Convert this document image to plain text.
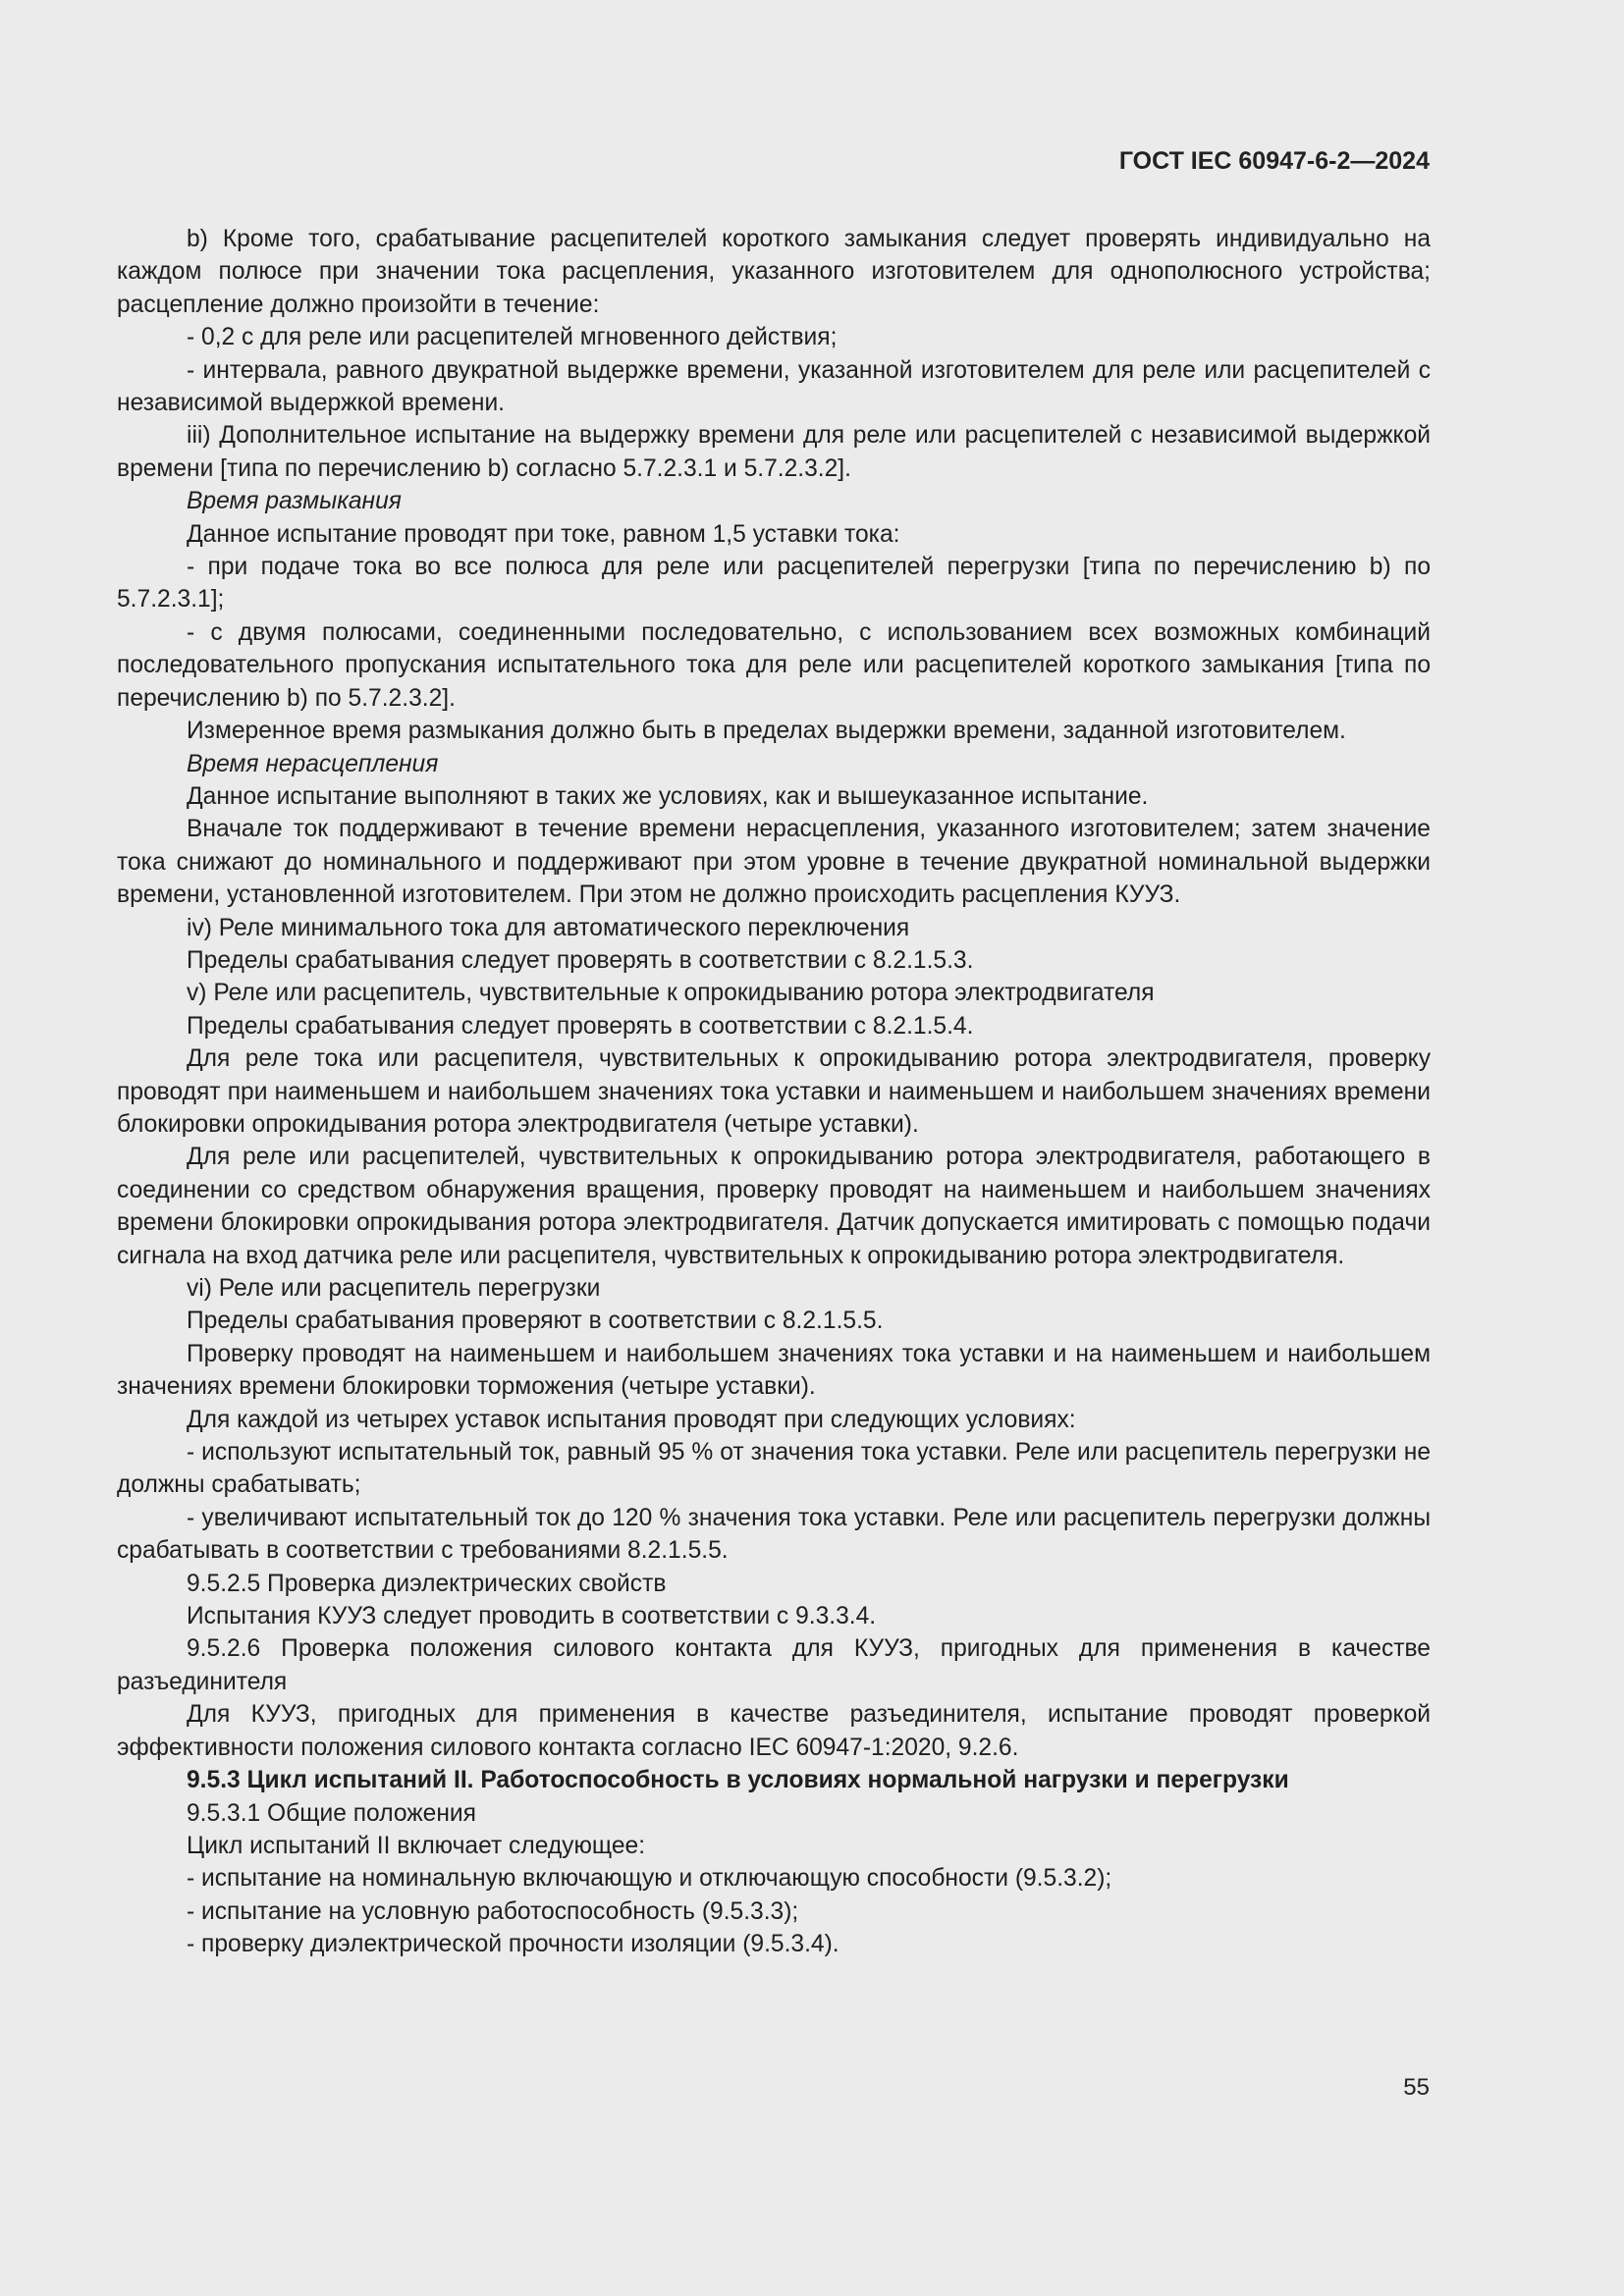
ГОСТ IEC 60947-6-2—2024

b) Кроме того, срабатывание расцепителей короткого замыкания следует проверять индивидуально на каждом полюсе при значении тока расцепления, указанного изготовителем для однополюсного устройства; расцепление должно произойти в течение:

- 0,2 с для реле или расцепителей мгновенного действия;

- интервала, равного двукратной выдержке времени, указанной изготовителем для реле или расцепителей с независимой выдержкой времени.

iii) Дополнительное испытание на выдержку времени для реле или расцепителей с независимой выдержкой времени [типа по перечислению b) согласно 5.7.2.3.1 и 5.7.2.3.2].

Время размыкания

Данное испытание проводят при токе, равном 1,5 уставки тока:

- при подаче тока во все полюса для реле или расцепителей перегрузки [типа по перечислению b) по 5.7.2.3.1];

- с двумя полюсами, соединенными последовательно, с использованием всех возможных комбинаций последовательного пропускания испытательного тока для реле или расцепителей короткого замыкания [типа по перечислению b) по 5.7.2.3.2].

Измеренное время размыкания должно быть в пределах выдержки времени, заданной изготовителем.

Время нерасцепления

Данное испытание выполняют в таких же условиях, как и вышеуказанное испытание.

Вначале ток поддерживают в течение времени нерасцепления, указанного изготовителем; затем значение тока снижают до номинального и поддерживают при этом уровне в течение двукратной номинальной выдержки времени, установленной изготовителем. При этом не должно происходить расцепления КУУЗ.

iv) Реле минимального тока для автоматического переключения

Пределы срабатывания следует проверять в соответствии с 8.2.1.5.3.

v) Реле или расцепитель, чувствительные к опрокидыванию ротора электродвигателя

Пределы срабатывания следует проверять в соответствии с 8.2.1.5.4.

Для реле тока или расцепителя, чувствительных к опрокидыванию ротора электродвигателя, проверку проводят при наименьшем и наибольшем значениях тока уставки и наименьшем и наибольшем значениях времени блокировки опрокидывания ротора электродвигателя (четыре уставки).

Для реле или расцепителей, чувствительных к опрокидыванию ротора электродвигателя, работающего в соединении со средством обнаружения вращения, проверку проводят на наименьшем и наибольшем значениях времени блокировки опрокидывания ротора электродвигателя. Датчик допускается имитировать с помощью подачи сигнала на вход датчика реле или расцепителя, чувствительных к опрокидыванию ротора электродвигателя.

vi) Реле или расцепитель перегрузки

Пределы срабатывания проверяют в соответствии с 8.2.1.5.5.

Проверку проводят на наименьшем и наибольшем значениях тока уставки и на наименьшем и наибольшем значениях времени блокировки торможения (четыре уставки).

Для каждой из четырех уставок испытания проводят при следующих условиях:

- используют испытательный ток, равный 95 % от значения тока уставки. Реле или расцепитель перегрузки не должны срабатывать;

- увеличивают испытательный ток до 120 % значения тока уставки. Реле или расцепитель перегрузки должны срабатывать в соответствии с требованиями 8.2.1.5.5.

9.5.2.5 Проверка диэлектрических свойств

Испытания КУУЗ следует проводить в соответствии с 9.3.3.4.

9.5.2.6 Проверка положения силового контакта для КУУЗ, пригодных для применения в качестве разъединителя

Для КУУЗ, пригодных для применения в качестве разъединителя, испытание проводят проверкой эффективности положения силового контакта согласно IEC 60947-1:2020, 9.2.6.

9.5.3 Цикл испытаний II. Работоспособность в условиях нормальной нагрузки и перегрузки

9.5.3.1 Общие положения

Цикл испытаний II включает следующее:

- испытание на номинальную включающую и отключающую способности (9.5.3.2);

- испытание на условную работоспособность (9.5.3.3);

- проверку диэлектрической прочности изоляции (9.5.3.4).

55
